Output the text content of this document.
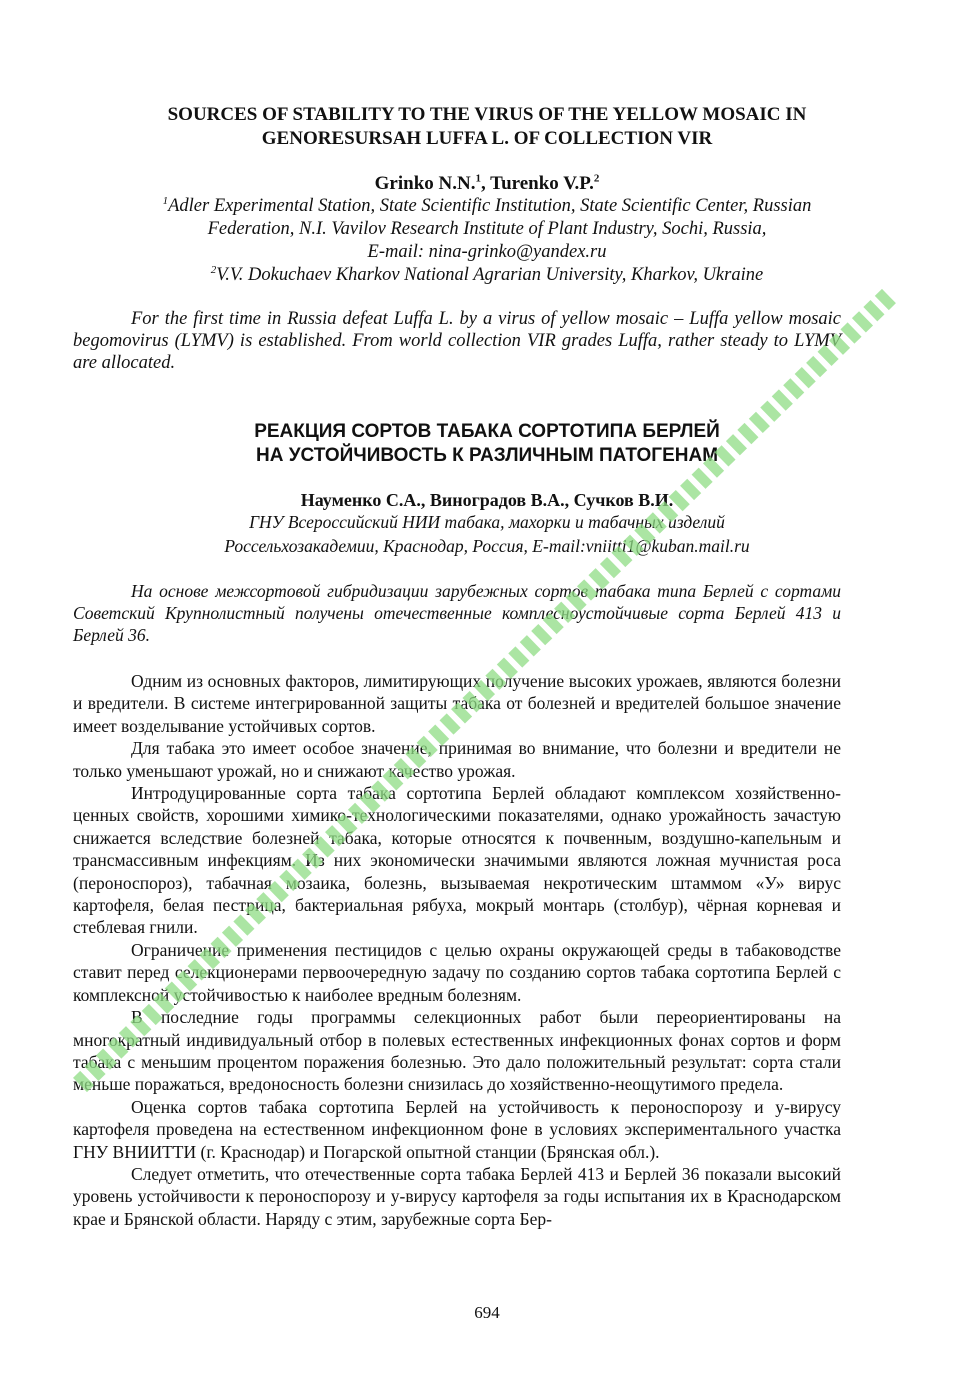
SOURCES OF STABILITY TO THE VIRUS OF THE YELLOW MOSAIC IN
GENORESURSAH LUFFA L. OF COLLECTION VIR
Grinko N.N.$^1$, Turenko V.P.$^2$
$^1$Adler Experimental Station, State Scientific Institution, State Scientific Center, Russian
Federation, N.I. Vavilov Research Institute of Plant Industry, Sochi, Russia,
E-mail: nina-grinko@yandex.ru
$^2$V.V. Dokuchaev Kharkov National Agrarian University, Kharkov, Ukraine
For the first time in Russia defeat Luffa L. by a virus of yellow mosaic – Luffa yellow mosaic begomovirus (LYMV) is established. From world collection VIR grades Luffa, rather steady to LYMV are allocated.
РЕАКЦИЯ СОРТОВ ТАБАКА СОРТОТИПА БЕРЛЕЙ
НА УСТОЙЧИВОСТЬ К РАЗЛИЧНЫМ ПАТОГЕНАМ
Науменко С.А., Виноградов В.А., Сучков В.И.
ГНУ Всероссийский НИИ табака, махорки и табачных изделий
Россельхозакадемии, Краснодар, Россия, E-mail:vniitti1@kuban.mail.ru
На основе межсортовой гибридизации зарубежных сортов табака типа Берлей с сортами Советский Крупнолистный получены отечественные комплесноустойчивые сорта Берлей 413 и Берлей 36.

Одним из основных факторов, лимитирующих получение высоких урожаев, являются болезни и вредители. В системе интегрированной защиты табака от болезней и вредителей большое значение имеет возделывание устойчивых сортов.

Для табака это имеет особое значение, принимая во внимание, что болезни и вредители не только уменьшают урожай, но и снижают качество урожая.

Интродуцированные сорта табака сортотипа Берлей обладают комплексом хозяйственно-ценных свойств, хорошими химико-технологическими показателями, однако урожайность зачастую снижается вследствие болезней табака, которые относятся к почвенным, воздушно-капельным и трансмассивным инфекциям. Из них экономически значимыми являются ложная мучнистая роса (пероноспороз), табачная мозаика, болезнь, вызываемая некротическим штаммом «У» вирус картофеля, белая пестрица, бактериальная рябуха, мокрый монтарь (столбур), чёрная корневая и стеблевая гнили.

Ограничение применения пестицидов с целью охраны окружающей среды в табаководстве ставит перед селекционерами первоочередную задачу по созданию сортов табака сортотипа Берлей с комплексной устойчивостью к наиболее вредным болезням.

В последние годы программы селекционных работ были переориентированы на многократный индивидуальный отбор в полевых естественных инфекционных фонах сортов и форм табака с меньшим процентом поражения болезнью. Это дало положительный результат: сорта стали меньше поражаться, вредоносность болезни снизилась до хозяйственно-неощутимого предела.

Оценка сортов табака сортотипа Берлей на устойчивость к пероноспорозу и у-вирусу картофеля проведена на естественном инфекционном фоне в условиях экспериментального участка ГНУ ВНИИТТИ (г. Краснодар) и Погарской опытной станции (Брянская обл.).

Следует отметить, что отечественные сорта табака Берлей 413 и Берлей 36 показали высокий уровень устойчивости к пероноспорозу и у-вирусу картофеля за годы испытания их в Краснодарском крае и Брянской области. Наряду с этим, зарубежные сорта Бер-

694
